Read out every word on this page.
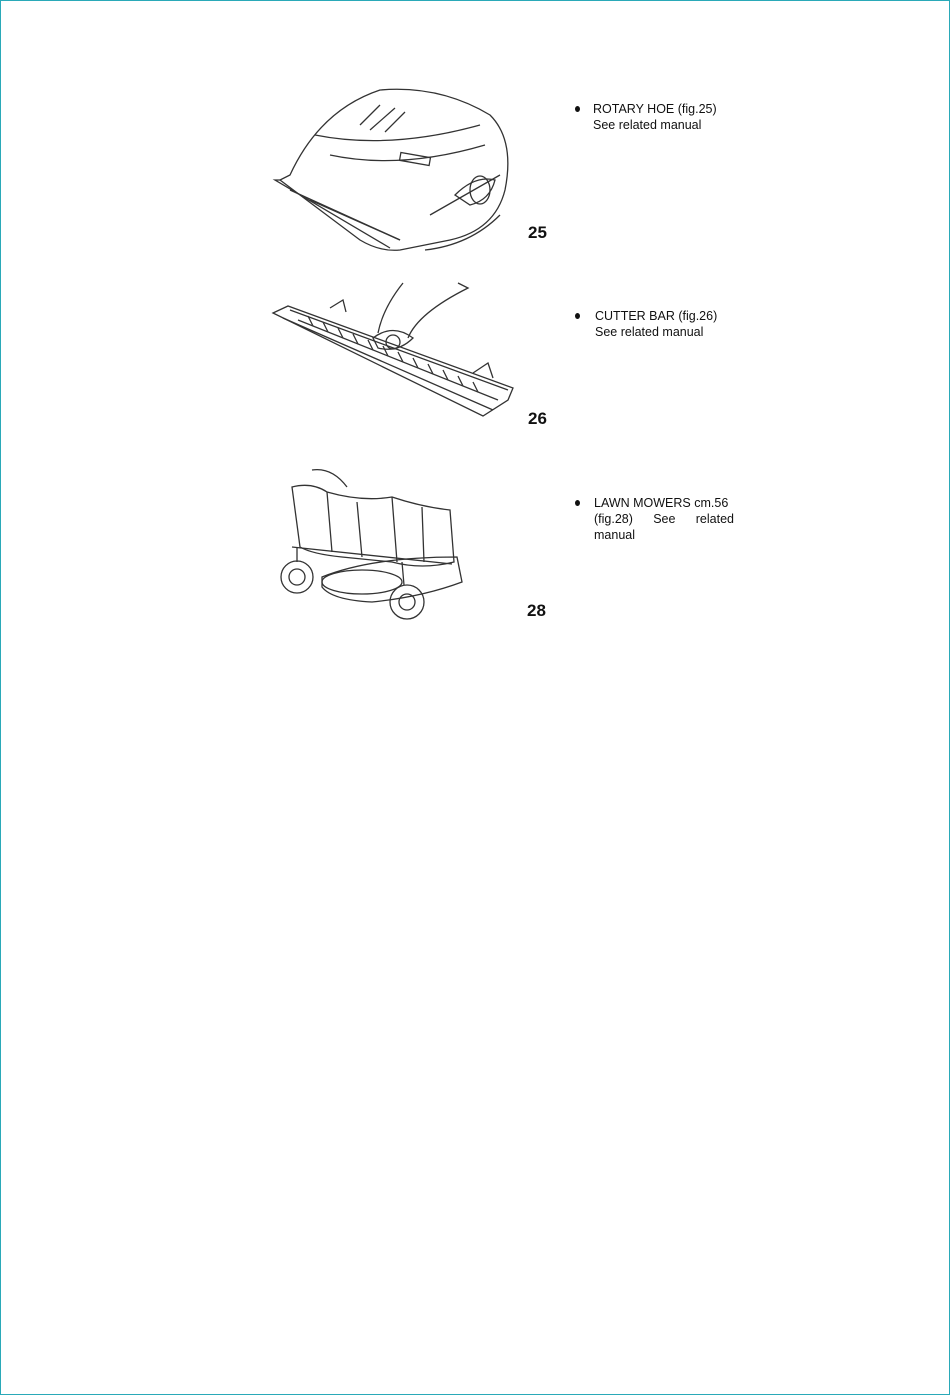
25
ROTARY HOE (fig.25)
See related manual
26
CUTTER BAR (fig.26)
See related manual
28
LAWN MOWERS cm.56
(fig.28) See related
manual
